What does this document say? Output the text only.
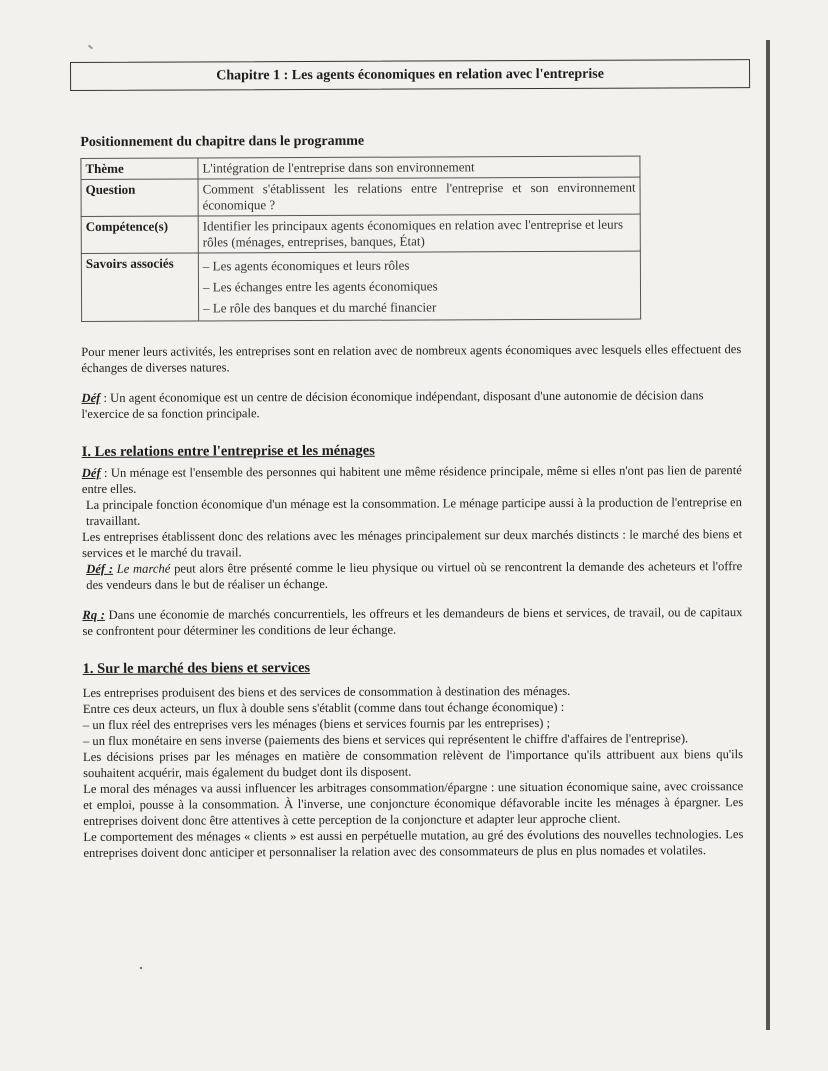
Chapitre 1 : Les agents économiques en relation avec l'entreprise
Positionnement du chapitre dans le programme
Thème	L'intégration de l'entreprise dans son environnement
Question	Comment s'établissent les relations entre l'entreprise et son environnement économique ?
Compétence(s)	Identifier les principaux agents économiques en relation avec l'entreprise et leurs rôles (ménages, entreprises, banques, État)
Savoirs associés	– Les agents économiques et leurs rôles
– Les échanges entre les agents économiques
– Le rôle des banques et du marché financier

Pour mener leurs activités, les entreprises sont en relation avec de nombreux agents économiques avec lesquels elles effectuent des échanges de diverses natures.

Déf : Un agent économique est un centre de décision économique indépendant, disposant d'une autonomie de décision dans l'exercice de sa fonction principale.

I. Les relations entre l'entreprise et les ménages

Déf : Un ménage est l'ensemble des personnes qui habitent une même résidence principale, même si elles n'ont pas lien de parenté entre elles.

La principale fonction économique d'un ménage est la consommation. Le ménage participe aussi à la production de l'entreprise en travaillant.

Les entreprises établissent donc des relations avec les ménages principalement sur deux marchés distincts : le marché des biens et services et le marché du travail.

Déf : Le marché peut alors être présenté comme le lieu physique ou virtuel où se rencontrent la demande des acheteurs et l'offre des vendeurs dans le but de réaliser un échange.

Rq : Dans une économie de marchés concurrentiels, les offreurs et les demandeurs de biens et services, de travail, ou de capitaux se confrontent pour déterminer les conditions de leur échange.

1. Sur le marché des biens et services

Les entreprises produisent des biens et des services de consommation à destination des ménages.

Entre ces deux acteurs, un flux à double sens s'établit (comme dans tout échange économique) :

– un flux réel des entreprises vers les ménages (biens et services fournis par les entreprises) ;

– un flux monétaire en sens inverse (paiements des biens et services qui représentent le chiffre d'affaires de l'entreprise).

Les décisions prises par les ménages en matière de consommation relèvent de l'importance qu'ils attribuent aux biens qu'ils souhaitent acquérir, mais également du budget dont ils disposent.

Le moral des ménages va aussi influencer les arbitrages consommation/épargne : une situation économique saine, avec croissance et emploi, pousse à la consommation. À l'inverse, une conjoncture économique défavorable incite les ménages à épargner. Les entreprises doivent donc être attentives à cette perception de la conjoncture et adapter leur approche client.

Le comportement des ménages « clients » est aussi en perpétuelle mutation, au gré des évolutions des nouvelles technologies. Les entreprises doivent donc anticiper et personnaliser la relation avec des consommateurs de plus en plus nomades et volatiles.
